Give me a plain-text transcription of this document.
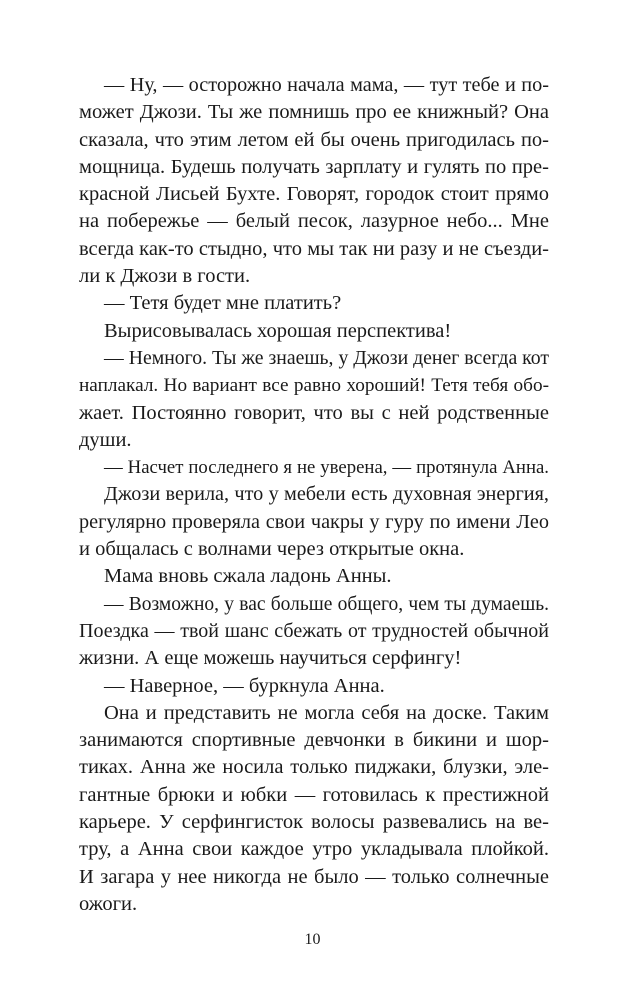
— Ну, — осторожно начала мама, — тут тебе и по-
может Джози. Ты же помнишь про ее книжный? Она
сказала, что этим летом ей бы очень пригодилась по-
мощница. Будешь получать зарплату и гулять по пре-
красной Лисьей Бухте. Говорят, городок стоит прямо
на побережье — белый песок, лазурное небо... Мне
всегда как-то стыдно, что мы так ни разу и не съезди-
ли к Джози в гости.
— Тетя будет мне платить?
Вырисовывалась хорошая перспектива!
— Немного. Ты же знаешь, у Джози денег всегда кот
наплакал. Но вариант все равно хороший! Тетя тебя обо-
жает. Постоянно говорит, что вы с ней родственные
души.
— Насчет последнего я не уверена, — протянула Анна.
Джози верила, что у мебели есть духовная энергия,
регулярно проверяла свои чакры у гуру по имени Лео
и общалась с волнами через открытые окна.
Мама вновь сжала ладонь Анны.
— Возможно, у вас больше общего, чем ты думаешь.
Поездка — твой шанс сбежать от трудностей обычной
жизни. А еще можешь научиться серфингу!
— Наверное, — буркнула Анна.
Она и представить не могла себя на доске. Таким
занимаются спортивные девчонки в бикини и шор-
тиках. Анна же носила только пиджаки, блузки, эле-
гантные брюки и юбки — готовилась к престижной
карьере. У серфингисток волосы развевались на ве-
тру, а Анна свои каждое утро укладывала плойкой.
И загара у нее никогда не было — только солнечные
ожоги.
10
